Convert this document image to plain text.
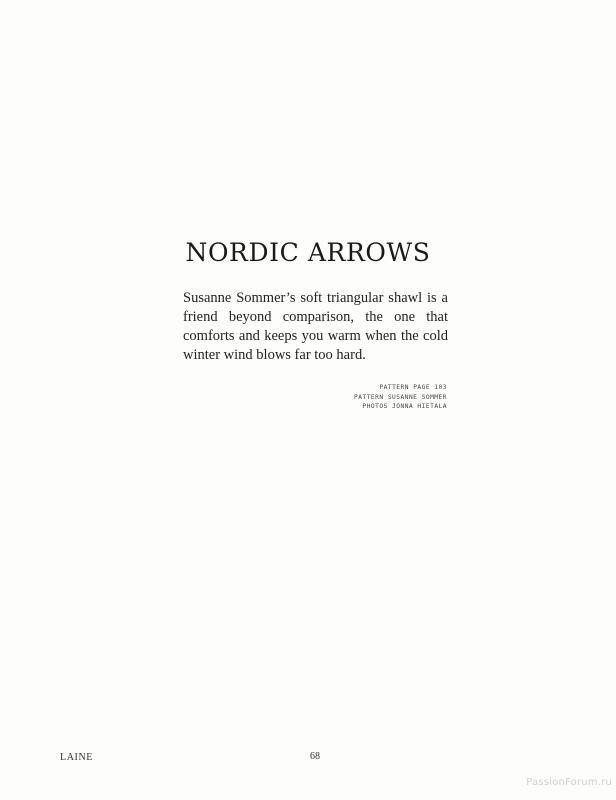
NORDIC ARROWS

Susanne Sommer’s soft triangular shawl is a friend beyond comparison, the one that comforts and keeps you warm when the cold winter wind blows far too hard.

PATTERN PAGE 103
PATTERN SUSANNE SOMMER
PHOTOS JONNA HIETALA
LAINE	68
PassionForum.ru
